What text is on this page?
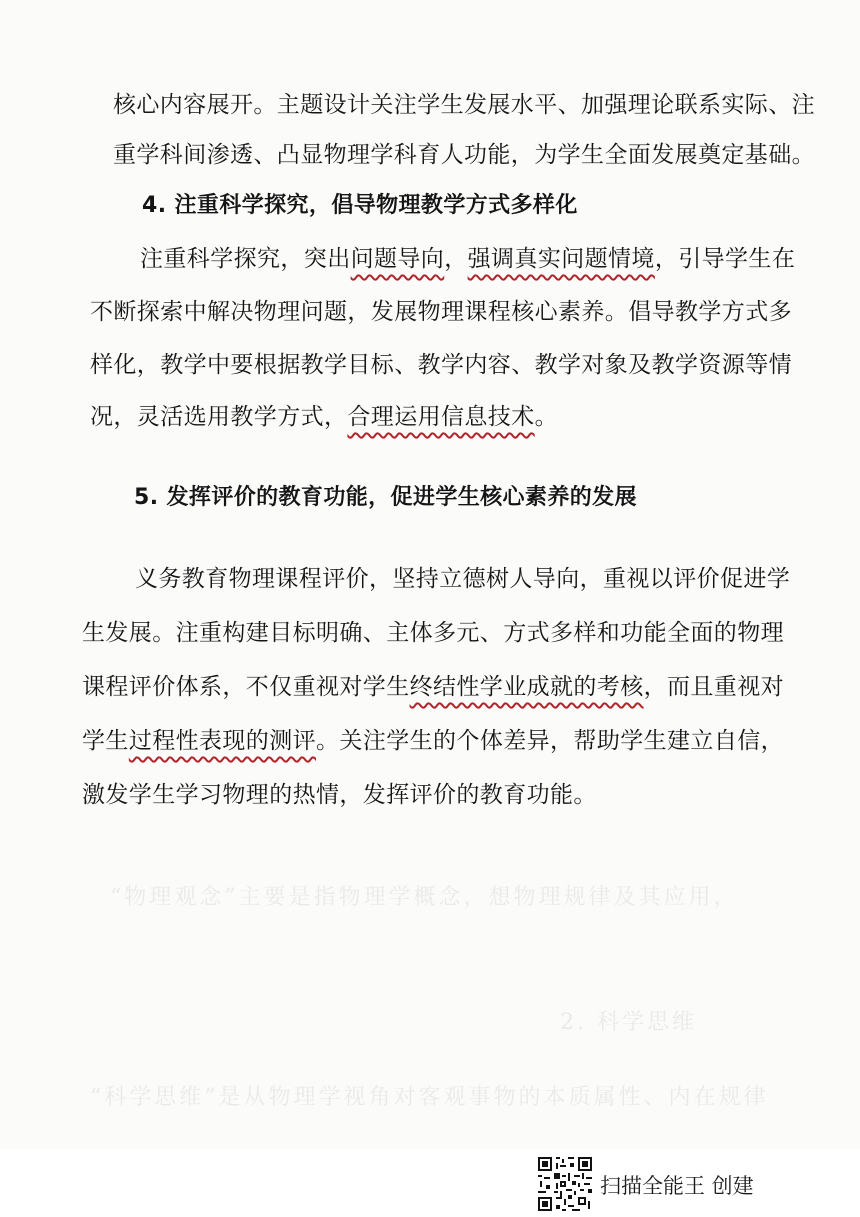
“物理观念”主要是指物理学概念，想物理规律及其应用，
“科学思维”是从物理学视角对客观事物的本质属性、内在规律
2. 科学思维
核心内容展开。主题设计关注学生发展水平、加强理论联系实际、注
重学科间渗透、凸显物理学科育人功能，为学生全面发展奠定基础。
4. 注重科学探究，倡导物理教学方式多样化
注重科学探究，突出问题导向，强调真实问题情境，引导学生在
不断探索中解决物理问题，发展物理课程核心素养。倡导教学方式多
样化，教学中要根据教学目标、教学内容、教学对象及教学资源等情
况，灵活选用教学方式，合理运用信息技术。
5. 发挥评价的教育功能，促进学生核心素养的发展
义务教育物理课程评价，坚持立德树人导向，重视以评价促进学
生发展。注重构建目标明确、主体多元、方式多样和功能全面的物理
课程评价体系，不仅重视对学生终结性学业成就的考核，而且重视对
学生过程性表现的测评。关注学生的个体差异，帮助学生建立自信，
激发学生学习物理的热情，发挥评价的教育功能。
扫描全能王 创建
